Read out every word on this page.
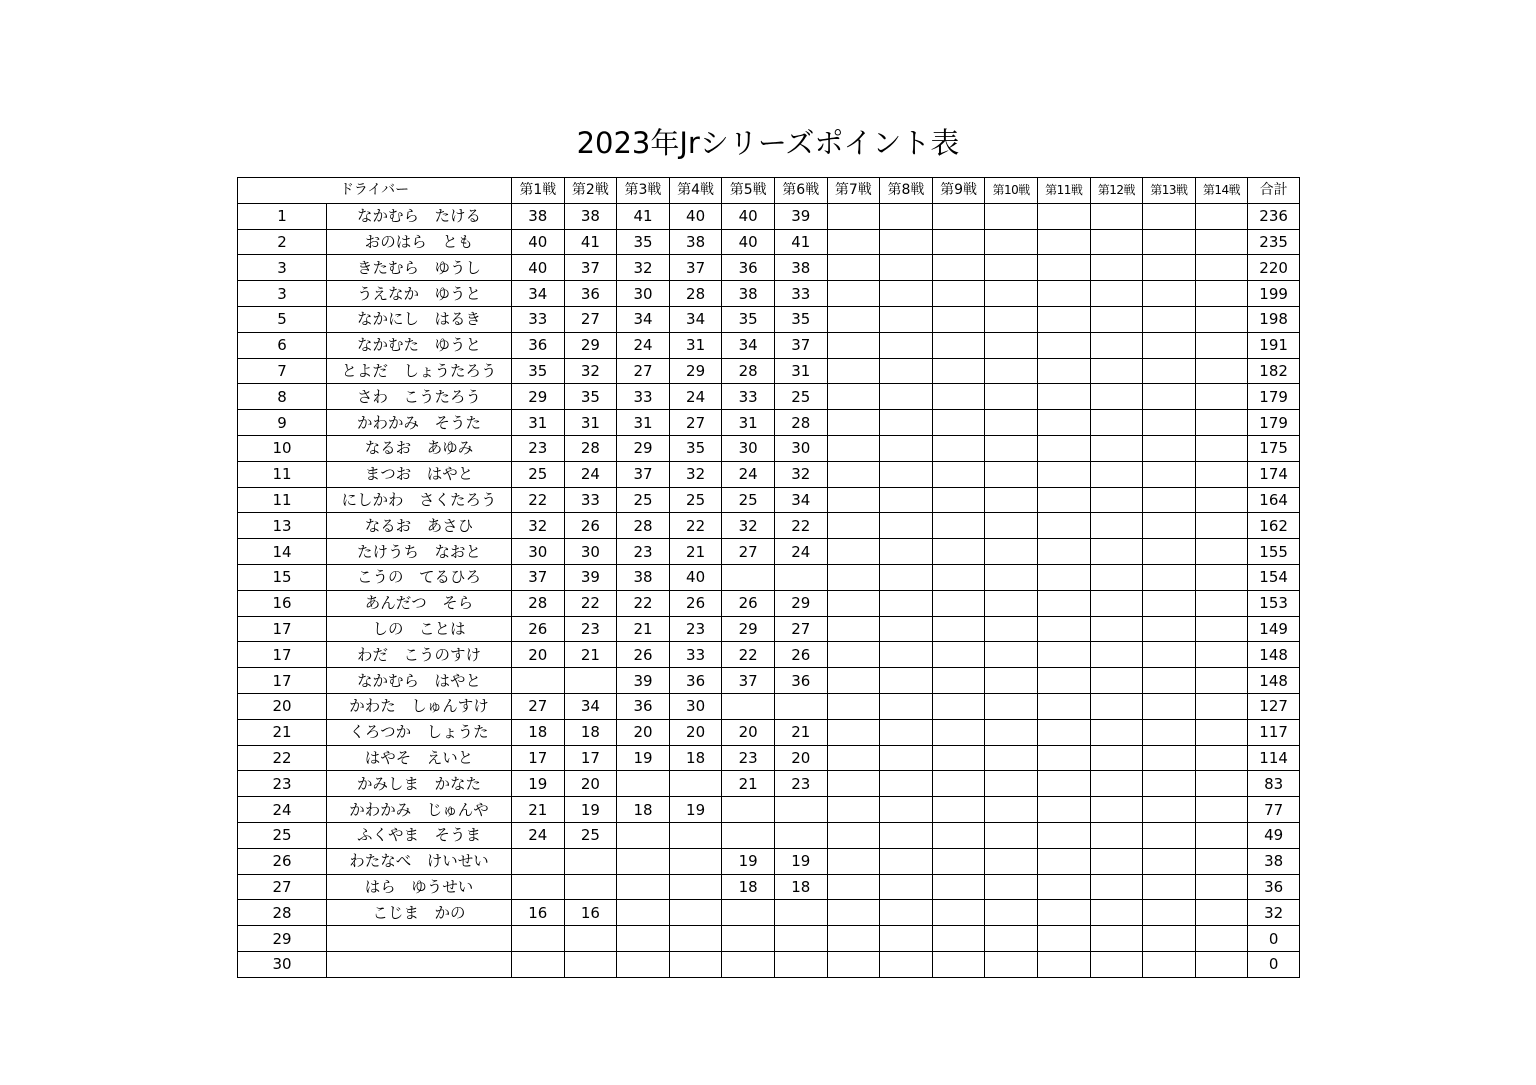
2023年Jrシリーズポイント表
ドライバー		第1戦	第2戦	第3戦	第4戦	第5戦	第6戦	第7戦	第8戦	第9戦	第10戦	第11戦	第12戦	第13戦	第14戦	合計
1	なかむら　たける	38	38	41	40	40	39									236
2	おのはら　とも	40	41	35	38	40	41									235
3	きたむら　ゆうし	40	37	32	37	36	38									220
3	うえなか　ゆうと	34	36	30	28	38	33									199
5	なかにし　はるき	33	27	34	34	35	35									198
6	なかむた　ゆうと	36	29	24	31	34	37									191
7	とよだ　しょうたろう	35	32	27	29	28	31									182
8	さわ　こうたろう	29	35	33	24	33	25									179
9	かわかみ　そうた	31	31	31	27	31	28									179
10	なるお　あゆみ	23	28	29	35	30	30									175
11	まつお　はやと	25	24	37	32	24	32									174
11	にしかわ　さくたろう	22	33	25	25	25	34									164
13	なるお　あさひ	32	26	28	22	32	22									162
14	たけうち　なおと	30	30	23	21	27	24									155
15	こうの　てるひろ	37	39	38	40											154
16	あんだつ　そら	28	22	22	26	26	29									153
17	しの　ことは	26	23	21	23	29	27									149
17	わだ　こうのすけ	20	21	26	33	22	26									148
17	なかむら　はやと			39	36	37	36									148
20	かわた　しゅんすけ	27	34	36	30											127
21	くろつか　しょうた	18	18	20	20	20	21									117
22	はやそ　えいと	17	17	19	18	23	20									114
23	かみしま　かなた	19	20			21	23									83
24	かわかみ　じゅんや	21	19	18	19											77
25	ふくやま　そうま	24	25													49
26	わたなべ　けいせい					19	19									38
27	はら　ゆうせい					18	18									36
28	こじま　かの	16	16													32
29																0
30																0
